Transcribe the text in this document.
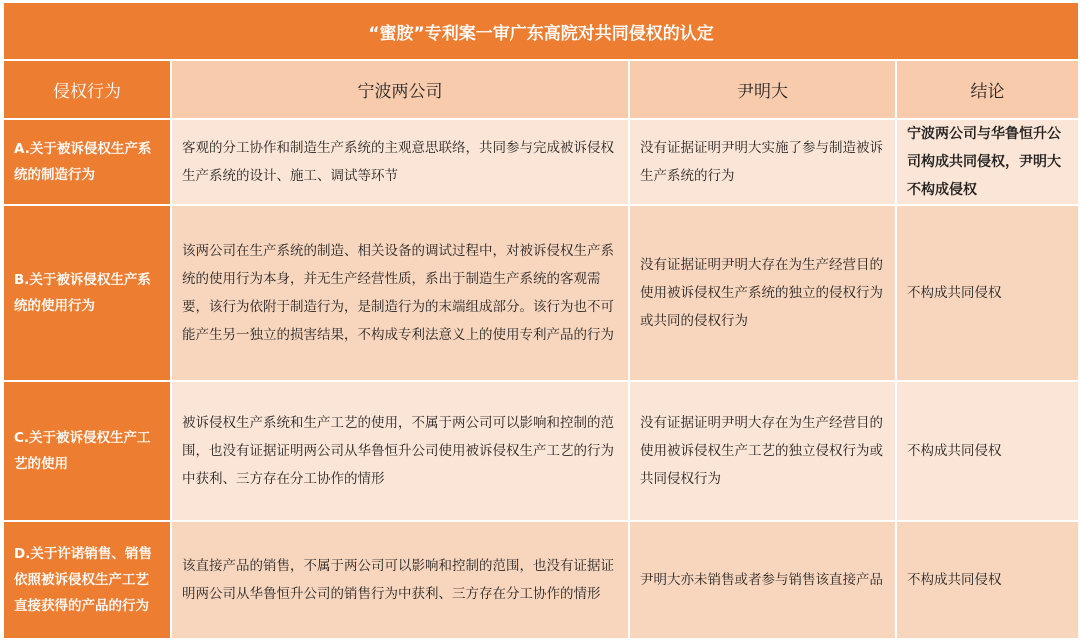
“蜜胺”专利案一审广东高院对共同侵权的认定			
侵权行为	宁波两公司	尹明大	结论
A.关于被诉侵权生产系统的制造行为	客观的分工协作和制造生产系统的主观意思联络，共同参与完成被诉侵权生产系统的设计、施工、调试等环节	没有证据证明尹明大实施了参与制造被诉生产系统的行为	宁波两公司与华鲁恒升公司构成共同侵权，尹明大不构成侵权
B.关于被诉侵权生产系统的使用行为	该两公司在生产系统的制造、相关设备的调试过程中，对被诉侵权生产系统的使用行为本身，并无生产经营性质，系出于制造生产系统的客观需要，该行为依附于制造行为，是制造行为的末端组成部分。该行为也不可能产生另一独立的损害结果，不构成专利法意义上的使用专利产品的行为	没有证据证明尹明大存在为生产经营目的使用被诉侵权生产系统的独立的侵权行为或共同的侵权行为	不构成共同侵权
C.关于被诉侵权生产工艺的使用	被诉侵权生产系统和生产工艺的使用，不属于两公司可以影响和控制的范围，也没有证据证明两公司从华鲁恒升公司使用被诉侵权生产工艺的行为中获利、三方存在分工协作的情形	没有证据证明尹明大存在为生产经营目的使用被诉侵权生产工艺的独立侵权行为或共同侵权行为	不构成共同侵权
D.关于许诺销售、销售依照被诉侵权生产工艺直接获得的产品的行为	该直接产品的销售，不属于两公司可以影响和控制的范围，也没有证据证明两公司从华鲁恒升公司的销售行为中获利、三方存在分工协作的情形	尹明大亦未销售或者参与销售该直接产品	不构成共同侵权
